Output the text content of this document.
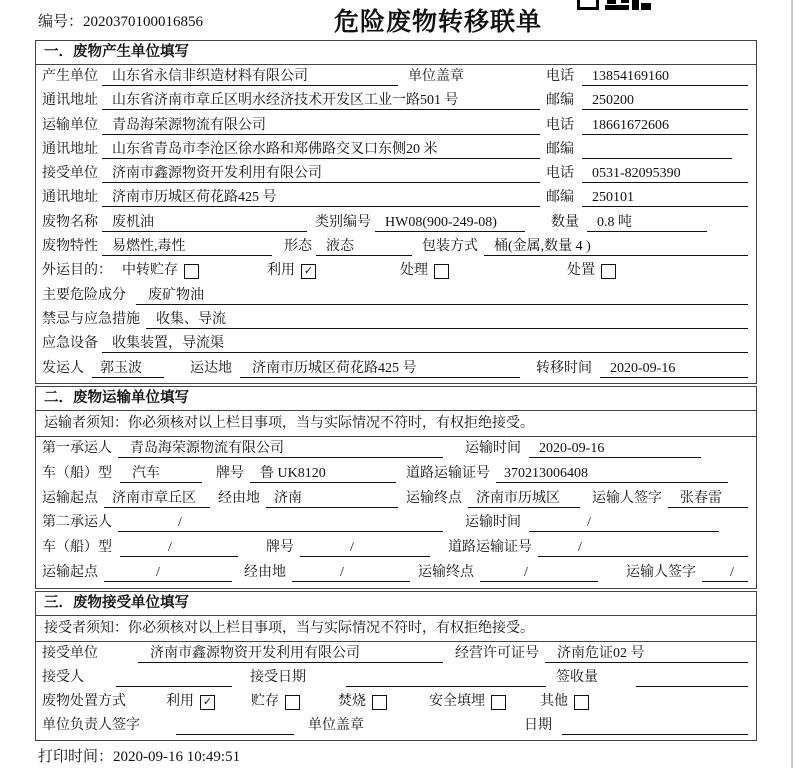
编号：2020370100016856	危险废物转移联单
一．废物产生单位填写
产生单位	山东省永信非织造材料有限公司 ​	单位盖章	电话	13854169160 ​
通讯地址	山东省济南市章丘区明水经济技术开发区工业一路501 号 ​	邮编	250200 ​
运输单位	青岛海荣源物流有限公司 ​	电话	18661672606 ​
通讯地址	山东省青岛市李沧区徐水路和郑佛路交叉口东侧20 米 ​	邮编
​
接受单位	济南市鑫源物资开发利用有限公司 ​	电话	0531-82095390 ​
通讯地址	济南市历城区荷花路425 号 ​	邮编	250101 ​
废物名称	废机油 ​	类别编号	HW08(900-249-08) ​	数量	0.8 吨 ​
废物特性	易燃性,毒性 ​	形态	液态 ​	包装方式	桶(金属,数量 4 ) ​
外运目的： 中转贮存 ​	利用 ✓ ​	处理 ​	处置
​
主要危险成分	废矿物油 ​
禁忌与应急措施	收集、导流 ​
应急设备	收集装置，导流渠 ​
发运人	郭玉波 ​	运达地	济南市历城区荷花路425 号 ​	转移时间	2020-09-16 ​
二．废物运输单位填写
运输者须知：你必须核对以上栏目事项，当与实际情况不符时，有权拒绝接受。
第一承运人	青岛海荣源物流有限公司 ​	运输时间	2020-09-16 ​
车（船）型	汽车 ​	牌号	鲁 UK8120 ​	道路运输证号	370213006408 ​
运输起点	济南市章丘区 ​	经由地	济南 ​	运输终点	济南市历城区 ​	运输人签字	张春雷 ​
第二承运人	/ ​	运输时间	/ ​
车（船）型	/ ​	牌号	/ ​	道路运输证号	/ ​
运输起点	/ ​	经由地	/ ​	运输终点	/ ​	运输人签字	/ ​
三．废物接受单位填写
接受者须知：你必须核对以上栏目事项，当与实际情况不符时，有权拒绝接受。
接受单位	济南市鑫源物资开发利用有限公司 ​	经营许可证号	济南危证02 号 ​
接受人 ​	接受日期 ​	签收量
​
废物处置方式	利用 ✓ ​	贮存 ​	焚烧 ​	安全填埋 ​	其他
​
单位负责人签字 ​	单位盖章	日期
​
打印时间：2020-09-16 10:49:51
